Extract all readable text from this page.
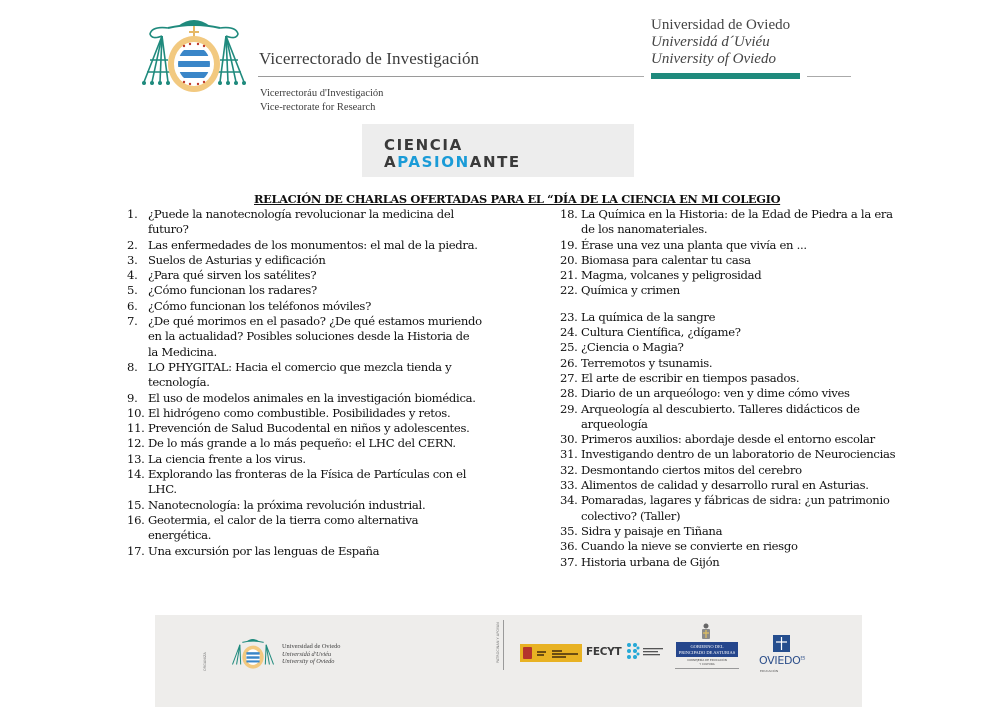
Vicerrectorado de Investigación
Vicerrectoráu d'Investigación
Vice-rectorate for Research
Universidad de Oviedo
Universidá d´Uviéu
University of Oviedo
CIENCIA
APASIONANTE
RELACIÓN DE CHARLAS OFERTADAS PARA EL “DÍA DE LA CIENCIA EN MI COLEGIO
1. ¿Puede la nanotecnología revolucionar la medicina del futuro?
2. Las enfermedades de los monumentos: el mal de la piedra.
3. Suelos de Asturias y edificación
4. ¿Para qué sirven los satélites?
5. ¿Cómo funcionan los radares?
6. ¿Cómo funcionan los teléfonos móviles?
7. ¿De qué morimos en el pasado? ¿De qué estamos muriendo en la actualidad? Posibles soluciones desde la Historia de la Medicina.
8. LO PHYGITAL: Hacia el comercio que mezcla tienda y tecnología.
9. El uso de modelos animales en la investigación biomédica.
10. El hidrógeno como combustible. Posibilidades y retos.
11. Prevención de Salud Bucodental en niños y adolescentes.
12. De lo más grande a lo más pequeño: el LHC del CERN.
13. La ciencia frente a los virus.
14. Explorando las fronteras de la Física de Partículas con el LHC.
15. Nanotecnología: la próxima revolución industrial.
16. Geotermia, el calor de la tierra como alternativa energética.
17. Una excursión por las lenguas de España
18. La Química en la Historia: de la Edad de Piedra a la era de los nanomateriales.
19. Érase una vez una planta que vivía en ...
20. Biomasa para calentar tu casa
21. Magma, volcanes y peligrosidad
22. Química y crimen
23. La química de la sangre
24. Cultura Científica, ¿dígame?
25. ¿Ciencia o Magia?
26. Terremotos y tsunamis.
27. El arte de escribir en tiempos pasados.
28. Diario de un arqueólogo: ven y dime cómo vives
29. Arqueología al descubierto. Talleres didácticos de arqueología
30. Primeros auxilios: abordaje desde el entorno escolar
31. Investigando dentro de un laboratorio de Neurociencias
32. Desmontando ciertos mitos del cerebro
33. Alimentos de calidad y desarrollo rural en Asturias.
34. Pomaradas, lagares y fábricas de sidra: ¿un patrimonio colectivo? (Taller)
35. Sidra y paisaje en Tiñana
36. Cuando la nieve se convierte en riesgo
37. Historia urbana de Gijón
ORGANIZA
Universidad de Oviedo
Universidá d'Uviéu
University of Oviedo	PATROCINAN Y APOYAN	FECYT	GOBIERNO DEL
PRINCIPADO DE ASTURIAS
CONSEJERÍA DE EDUCACIÓN
Y CULTURA	$OVIEDO^{ES}$
EDUCACIÓN
